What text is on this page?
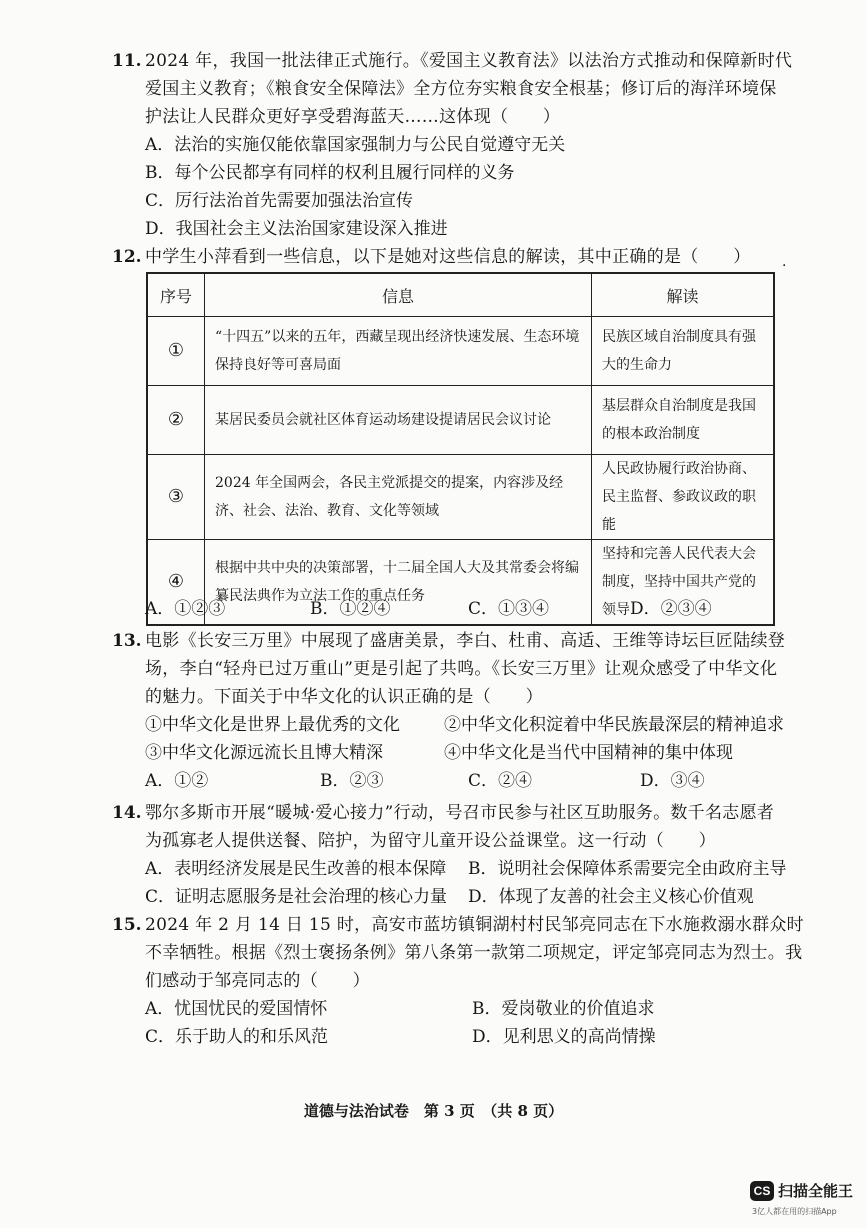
11. 2024 年，我国一批法律正式施行。《爱国主义教育法》以法治方式推动和保障新时代
爱国主义教育；《粮食安全保障法》全方位夯实粮食安全根基；修订后的海洋环境保
护法让人民群众更好享受碧海蓝天……这体现（　　）
A．法治的实施仅能依靠国家强制力与公民自觉遵守无关
B．每个公民都享有同样的权利且履行同样的义务
C．厉行法治首先需要加强法治宣传
D．我国社会主义法治国家建设深入推进
12. 中学生小萍看到一些信息，以下是她对这些信息的解读，其中正确的是（　　） ·
序号	信息	解读
①	“十四五”以来的五年，西藏呈现出经济快速发展、生态环境保持良好等可喜局面	民族区域自治制度具有强大的生命力
②	某居民委员会就社区体育运动场建设提请居民会议讨论	基层群众自治制度是我国的根本政治制度
③	2024 年全国两会，各民主党派提交的提案，内容涉及经济、社会、法治、教育、文化等领域	人民政协履行政治协商、民主监督、参政议政的职能
④	根据中共中央的决策部署，十二届全国人大及其常委会将编纂民法典作为立法工作的重点任务	坚持和完善人民代表大会制度，坚持中国共产党的领导
A．①②③	B．①②④	C．①③④	D．②③④
13. 电影《长安三万里》中展现了盛唐美景，李白、杜甫、高适、王维等诗坛巨匠陆续登
场，李白“轻舟已过万重山”更是引起了共鸣。《长安三万里》让观众感受了中华文化
的魅力。下面关于中华文化的认识正确的是（　　）
①中华文化是世界上最优秀的文化	②中华文化积淀着中华民族最深层的精神追求
③中华文化源远流长且博大精深	④中华文化是当代中国精神的集中体现
A．①②	B．②③	C．②④	D．③④
14. 鄂尔多斯市开展“暖城·爱心接力”行动，号召市民参与社区互助服务。数千名志愿者
为孤寡老人提供送餐、陪护，为留守儿童开设公益课堂。这一行动（　　）
A．表明经济发展是民生改善的根本保障 B．说明社会保障体系需要完全由政府主导
C．证明志愿服务是社会治理的核心力量 D．体现了友善的社会主义核心价值观
15. 2024 年 2 月 14 日 15 时，高安市蓝坊镇铜湖村村民邹亮同志在下水施救溺水群众时
不幸牺牲。根据《烈士褒扬条例》第八条第一款第二项规定，评定邹亮同志为烈士。我
们感动于邹亮同志的（　　）
A．忧国忧民的爱国情怀	B．爱岗敬业的价值追求
C．乐于助人的和乐风范	D．见利思义的高尚情操
道德与法治试卷　第 3 页　（共 8 页）
CS 扫描全能王
3亿人都在用的扫描App
